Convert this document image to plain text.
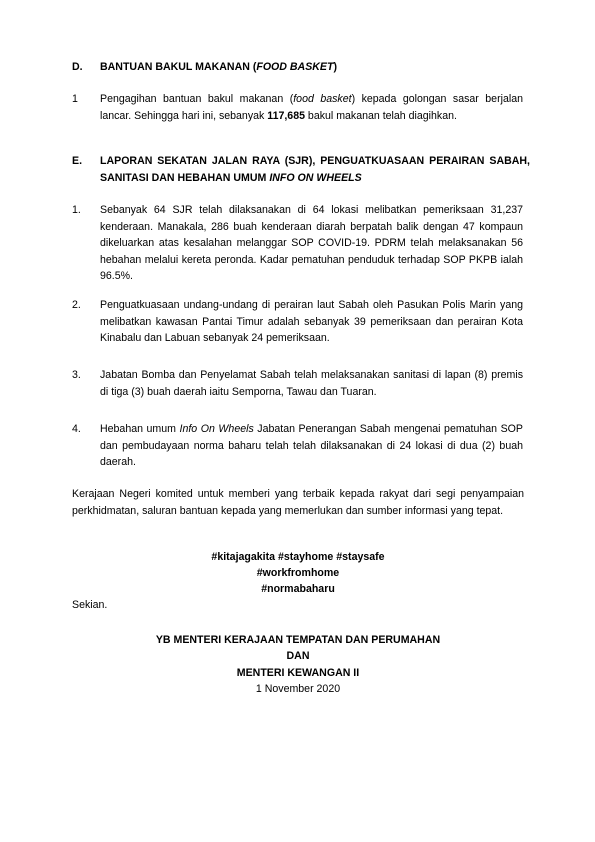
D. BANTUAN BAKUL MAKANAN (FOOD BASKET)
1 Pengagihan bantuan bakul makanan (food basket) kepada golongan sasar berjalan lancar. Sehingga hari ini, sebanyak 117,685 bakul makanan telah diagihkan.
E. LAPORAN SEKATAN JALAN RAYA (SJR), PENGUATKUASAAN PERAIRAN SABAH, SANITASI DAN HEBAHAN UMUM INFO ON WHEELS
1. Sebanyak 64 SJR telah dilaksanakan di 64 lokasi melibatkan pemeriksaan 31,237 kenderaan. Manakala, 286 buah kenderaan diarah berpatah balik dengan 47 kompaun dikeluarkan atas kesalahan melanggar SOP COVID-19. PDRM telah melaksanakan 56 hebahan melalui kereta peronda. Kadar pematuhan penduduk terhadap SOP PKPB ialah 96.5%.
2. Penguatkuasaan undang-undang di perairan laut Sabah oleh Pasukan Polis Marin yang melibatkan kawasan Pantai Timur adalah sebanyak 39 pemeriksaan dan perairan Kota Kinabalu dan Labuan sebanyak 24 pemeriksaan.
3. Jabatan Bomba dan Penyelamat Sabah telah melaksanakan sanitasi di lapan (8) premis di tiga (3) buah daerah iaitu Semporna, Tawau dan Tuaran.
4. Hebahan umum Info On Wheels Jabatan Penerangan Sabah mengenai pematuhan SOP dan pembudayaan norma baharu telah telah dilaksanakan di 24 lokasi di dua (2) buah daerah.
Kerajaan Negeri komited untuk memberi yang terbaik kepada rakyat dari segi penyampaian perkhidmatan, saluran bantuan kepada yang memerlukan dan sumber informasi yang tepat.
#kitajagakita #stayhome #staysafe
#workfromhome
#normabaharu
Sekian.
YB MENTERI KERAJAAN TEMPATAN DAN PERUMAHAN
DAN
MENTERI KEWANGAN II
1 November 2020
